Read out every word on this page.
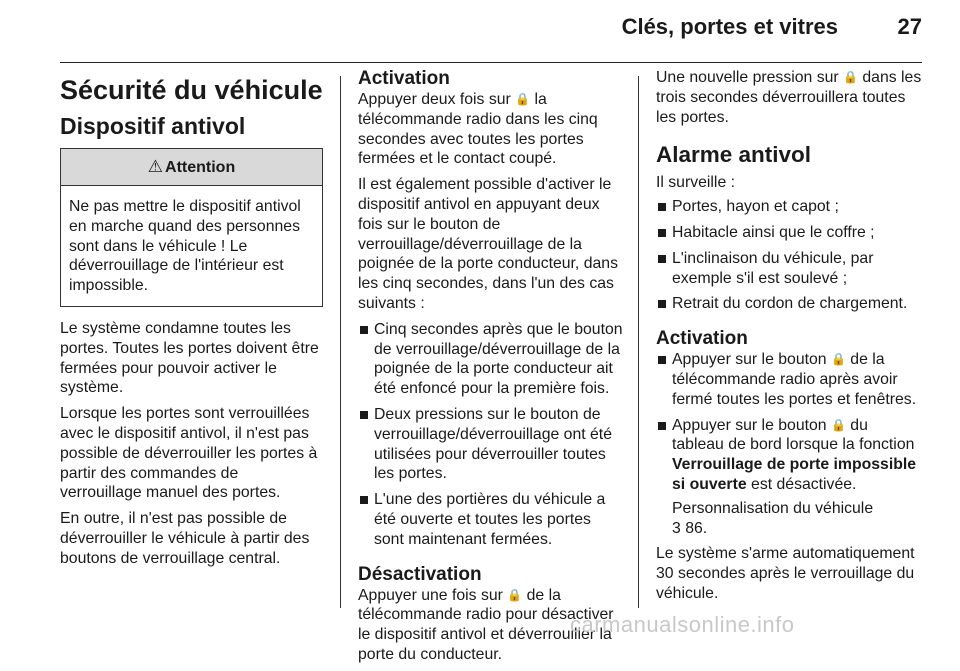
Clés, portes et vitres	27
Sécurité du véhicule
Dispositif antivol
⚠ Attention
Ne pas mettre le dispositif antivol en marche quand des personnes sont dans le véhicule ! Le déverrouillage de l'intérieur est impossible.

Le système condamne toutes les portes. Toutes les portes doivent être fermées pour pouvoir activer le système.

Lorsque les portes sont verrouillées avec le dispositif antivol, il n'est pas possible de déverrouiller les portes à partir des commandes de verrouillage manuel des portes.

En outre, il n'est pas possible de déverrouiller le véhicule à partir des boutons de verrouillage central.

Activation

Appuyer deux fois sur 🔒 la télécommande radio dans les cinq secondes avec toutes les portes fermées et le contact coupé.

Il est également possible d'activer le dispositif antivol en appuyant deux fois sur le bouton de verrouillage/déverrouillage de la poignée de la porte conducteur, dans les cinq secondes, dans l'un des cas suivants :

Cinq secondes après que le bouton de verrouillage/déverrouillage de la poignée de la porte conducteur ait été enfoncé pour la première fois.
Deux pressions sur le bouton de verrouillage/déverrouillage ont été utilisées pour déverrouiller toutes les portes.
L'une des portières du véhicule a été ouverte et toutes les portes sont maintenant fermées.
Désactivation

Appuyer une fois sur 🔒 de la télécommande radio pour désactiver le dispositif antivol et déverrouiller la porte du conducteur.

Une nouvelle pression sur 🔒 dans les trois secondes déverrouillera toutes les portes.

Alarme antivol

Il surveille :

Portes, hayon et capot ;
Habitacle ainsi que le coffre ;
L'inclinaison du véhicule, par exemple s'il est soulevé ;
Retrait du cordon de chargement.
Activation
Appuyer sur le bouton 🔒 de la télécommande radio après avoir fermé toutes les portes et fenêtres.
Appuyer sur le bouton 🔒 du tableau de bord lorsque la fonction Verrouillage de porte impossible si ouverte est désactivée.

Personnalisation du véhicule

3 86.

Le système s'arme automatiquement 30 secondes après le verrouillage du véhicule.

carmanualsonline.info
